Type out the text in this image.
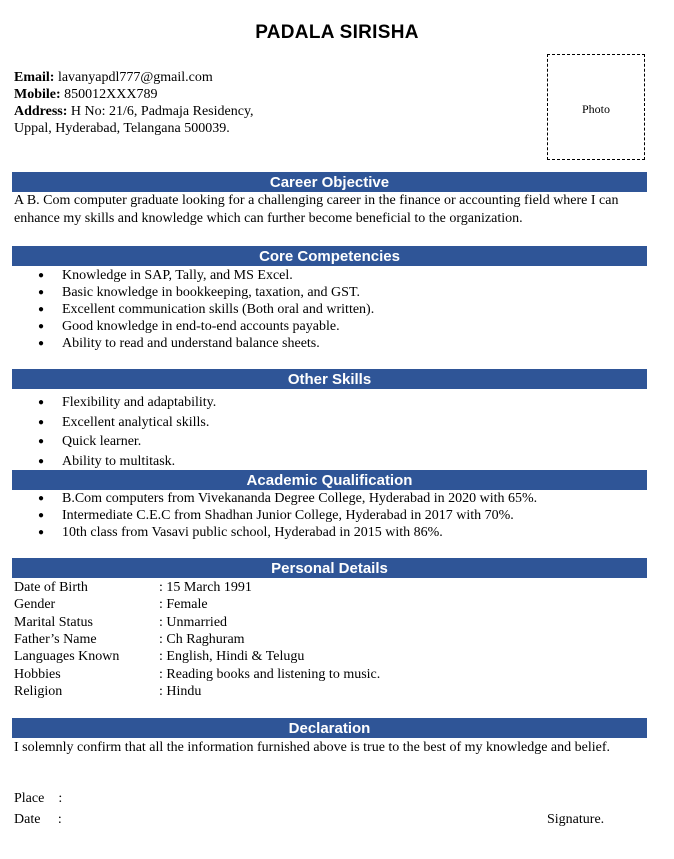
PADALA SIRISHA
Email: lavanyapdl777@gmail.com
Mobile: 850012XXX789
Address: H No: 21/6, Padmaja Residency,
Uppal, Hyderabad, Telangana 500039.
Photo
Career Objective
A B. Com computer graduate looking for a challenging career in the finance or accounting field where I can enhance my skills and knowledge which can further become beneficial to the organization.
Core Competencies
● Knowledge in SAP, Tally, and MS Excel.
● Basic knowledge in bookkeeping, taxation, and GST.
● Excellent communication skills (Both oral and written).
● Good knowledge in end-to-end accounts payable.
● Ability to read and understand balance sheets.
Other Skills
● Flexibility and adaptability.
● Excellent analytical skills.
● Quick learner.
● Ability to multitask.
Academic Qualification
● B.Com computers from Vivekananda Degree College, Hyderabad in 2020 with 65%.
● Intermediate C.E.C from Shadhan Junior College, Hyderabad in 2017 with 70%.
● 10th class from Vasavi public school, Hyderabad in 2015 with 86%.
Personal Details
Date of Birth	: 15 March 1991
Gender	: Female
Marital Status	: Unmarried
Father’s Name	: Ch Raghuram
Languages Known	: English, Hindi & Telugu
Hobbies	: Reading books and listening to music.
Religion	: Hindu
Declaration
I solemnly confirm that all the information furnished above is true to the best of my knowledge and belief.
Place    :
Date     :	Signature.
